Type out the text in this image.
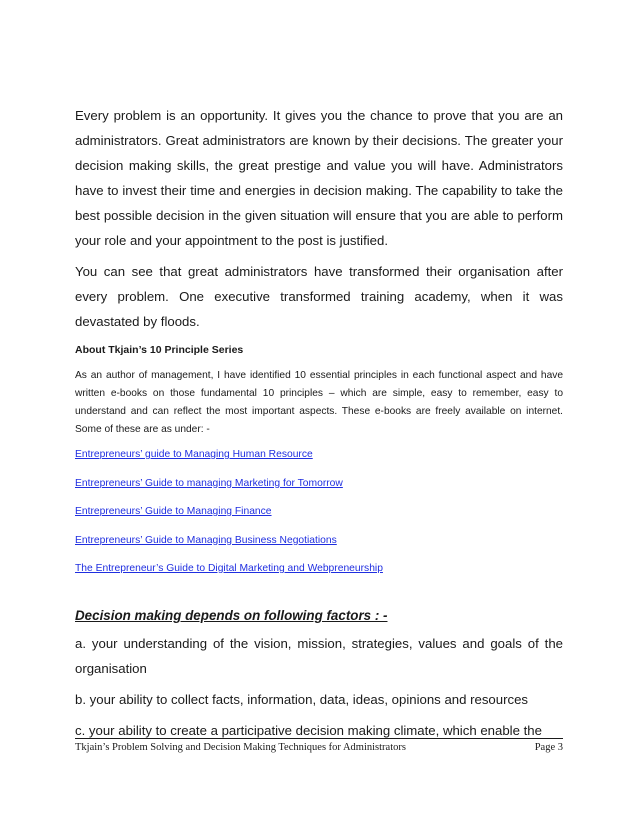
Every problem is an opportunity. It gives you the chance to prove that you are an administrators. Great administrators are known by their decisions. The greater your decision making skills, the great prestige and value you will have. Administrators have to invest their time and energies in decision making. The capability to take the best possible decision in the given situation will ensure that you are able to perform your role and your appointment to the post is justified.

You can see that great administrators have transformed their organisation after every problem. One executive transformed training academy, when it was devastated by floods.

About Tkjain’s 10 Principle Series

As an author of management, I have identified 10 essential principles in each functional aspect and have written e-books on those fundamental 10 principles – which are simple, easy to remember, easy to understand and can reflect the most important aspects. These e-books are freely available on internet. Some of these are as under: -

Entrepreneurs’ guide to Managing Human Resource
Entrepreneurs’ Guide to managing Marketing for Tomorrow
Entrepreneurs’ Guide to Managing Finance
Entrepreneurs’ Guide to Managing Business Negotiations
The Entrepreneur’s Guide to Digital Marketing and Webpreneurship

Decision making depends on following factors : -

a. your understanding of the vision, mission, strategies, values and goals of the organisation

b. your ability to collect facts, information, data, ideas, opinions and resources

c. your ability to create a participative decision making climate, which enable the

Tkjain’s Problem Solving and Decision Making Techniques for Administrators	Page 3
